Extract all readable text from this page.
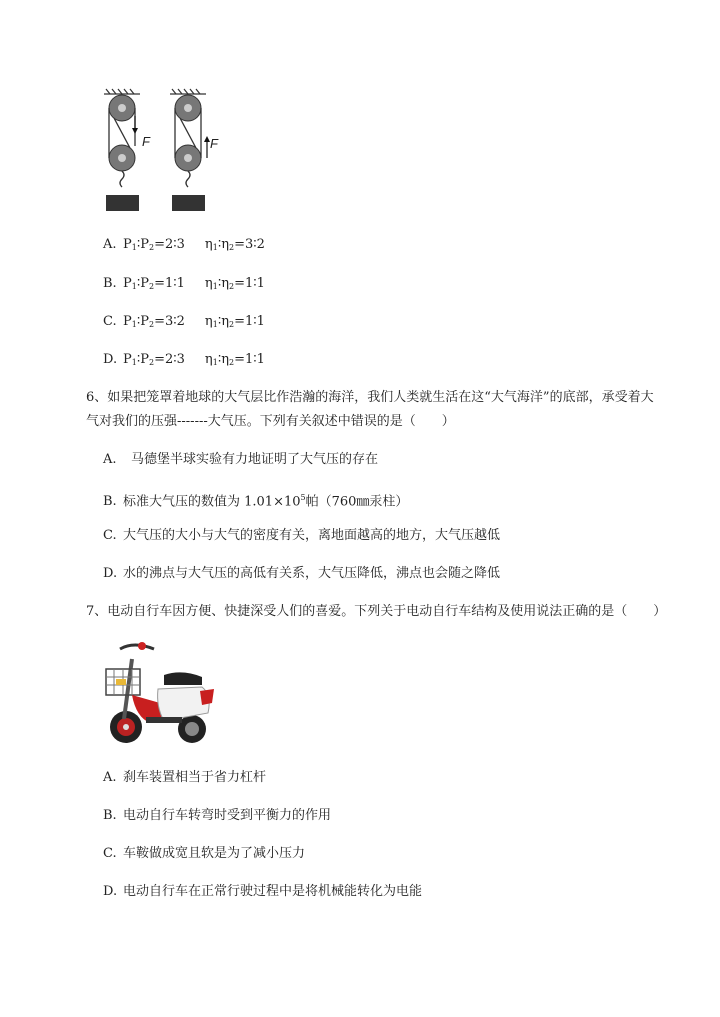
F	F
A. $P_1∶P_2=2∶3$ $\eta_1∶\eta_2=3∶2$
B. $P_1∶P_2=1∶1$ $\eta_1∶\eta_2=1∶1$
C. $P_1∶P_2=3∶2$ $\eta_1∶\eta_2=1∶1$
D. $P_1∶P_2=2∶3$ $\eta_1∶\eta_2=1∶1$
6、如果把笼罩着地球的大气层比作浩瀚的海洋，我们人类就生活在这“大气海洋”的底部，承受着大
气对我们的压强-------大气压。下列有关叙述中错误的是（　　）
A. 马德堡半球实验有力地证明了大气压的存在
B. 标准大气压的数值为 $1.01\times 10^5$帕（760㎜汞柱）
C. 大气压的大小与大气的密度有关，离地面越高的地方，大气压越低
D. 水的沸点与大气压的高低有关系，大气压降低，沸点也会随之降低
7、电动自行车因方便、快捷深受人们的喜爱。下列关于电动自行车结构及使用说法正确的是（　　）
A. 刹车装置相当于省力杠杆
B. 电动自行车转弯时受到平衡力的作用
C. 车鞍做成宽且软是为了减小压力
D. 电动自行车在正常行驶过程中是将机械能转化为电能
